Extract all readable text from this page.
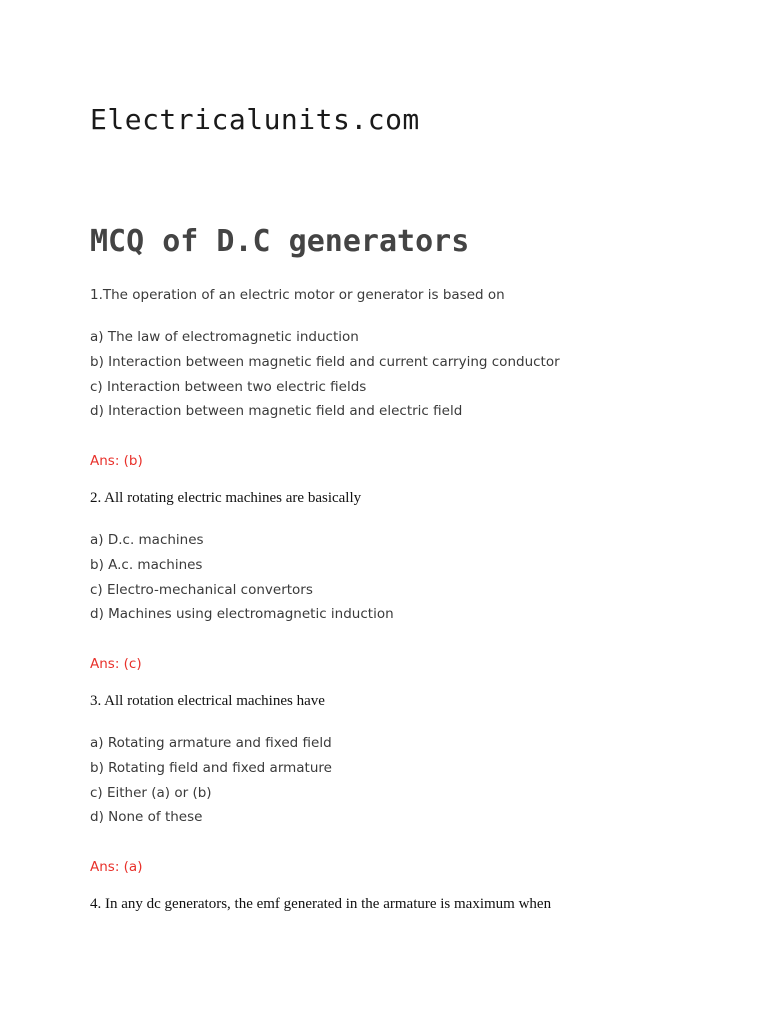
Electricalunits.com
MCQ of D.C generators

1.The operation of an electric motor or generator is based on

a) The law of electromagnetic induction
b) Interaction between magnetic field and current carrying conductor
c) Interaction between two electric fields
d) Interaction between magnetic field and electric field

Ans: (b)

2. All rotating electric machines are basically

a) D.c. machines
b) A.c. machines
c) Electro-mechanical convertors
d) Machines using electromagnetic induction

Ans: (c)

3. All rotation electrical machines have

a) Rotating armature and fixed field
b) Rotating field and fixed armature
c) Either (a) or (b)
d) None of these

Ans: (a)

4. In any dc generators, the emf generated in the armature is maximum when
